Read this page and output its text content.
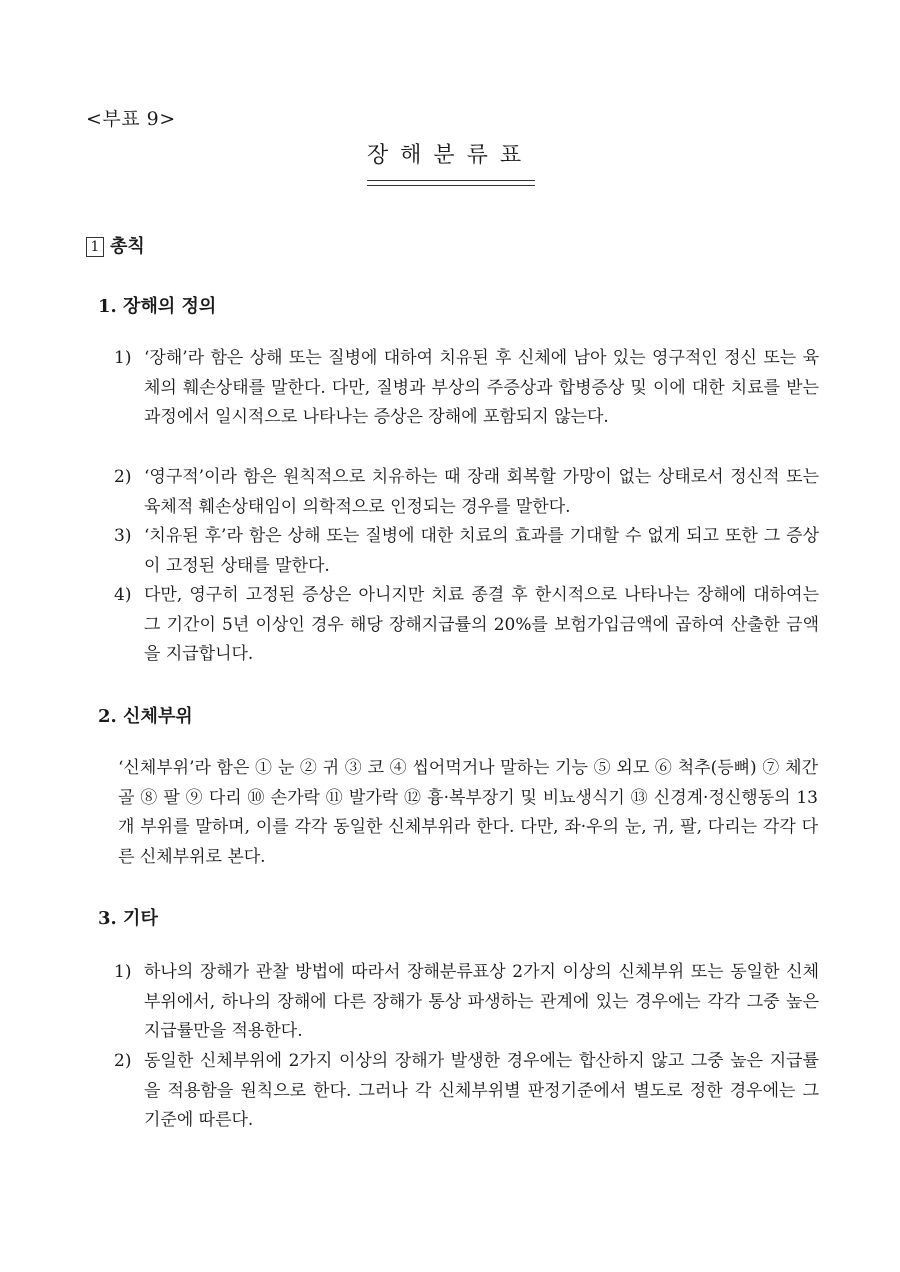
<부표 9>
장해분류표
1 총칙
1. 장해의 정의
1) ‘장해’라 함은 상해 또는 질병에 대하여 치유된 후 신체에 남아 있는 영구적인 정신 또는 육체의 훼손상태를 말한다. 다만, 질병과 부상의 주증상과 합병증상 및 이에 대한 치료를 받는 과정에서 일시적으로 나타나는 증상은 장해에 포함되지 않는다.
2) ‘영구적’이라 함은 원칙적으로 치유하는 때 장래 회복할 가망이 없는 상태로서 정신적 또는 육체적 훼손상태임이 의학적으로 인정되는 경우를 말한다.
3) ‘치유된 후’라 함은 상해 또는 질병에 대한 치료의 효과를 기대할 수 없게 되고 또한 그 증상이 고정된 상태를 말한다.
4) 다만, 영구히 고정된 증상은 아니지만 치료 종결 후 한시적으로 나타나는 장해에 대하여는 그 기간이 5년 이상인 경우 해당 장해지급률의 20%를 보험가입금액에 곱하여 산출한 금액을 지급합니다.
2. 신체부위
‘신체부위’라 함은 ① 눈 ② 귀 ③ 코 ④ 씹어먹거나 말하는 기능 ⑤ 외모 ⑥ 척추(등뼈) ⑦ 체간골 ⑧ 팔 ⑨ 다리 ⑩ 손가락 ⑪ 발가락 ⑫ 흉·복부장기 및 비뇨생식기 ⑬ 신경계·정신행동의 13개 부위를 말하며, 이를 각각 동일한 신체부위라 한다. 다만, 좌·우의 눈, 귀, 팔, 다리는 각각 다른 신체부위로 본다.
3. 기타
1) 하나의 장해가 관찰 방법에 따라서 장해분류표상 2가지 이상의 신체부위 또는 동일한 신체부위에서, 하나의 장해에 다른 장해가 통상 파생하는 관계에 있는 경우에는 각각 그중 높은 지급률만을 적용한다.
2) 동일한 신체부위에 2가지 이상의 장해가 발생한 경우에는 합산하지 않고 그중 높은 지급률을 적용함을 원칙으로 한다. 그러나 각 신체부위별 판정기준에서 별도로 정한 경우에는 그 기준에 따른다.
